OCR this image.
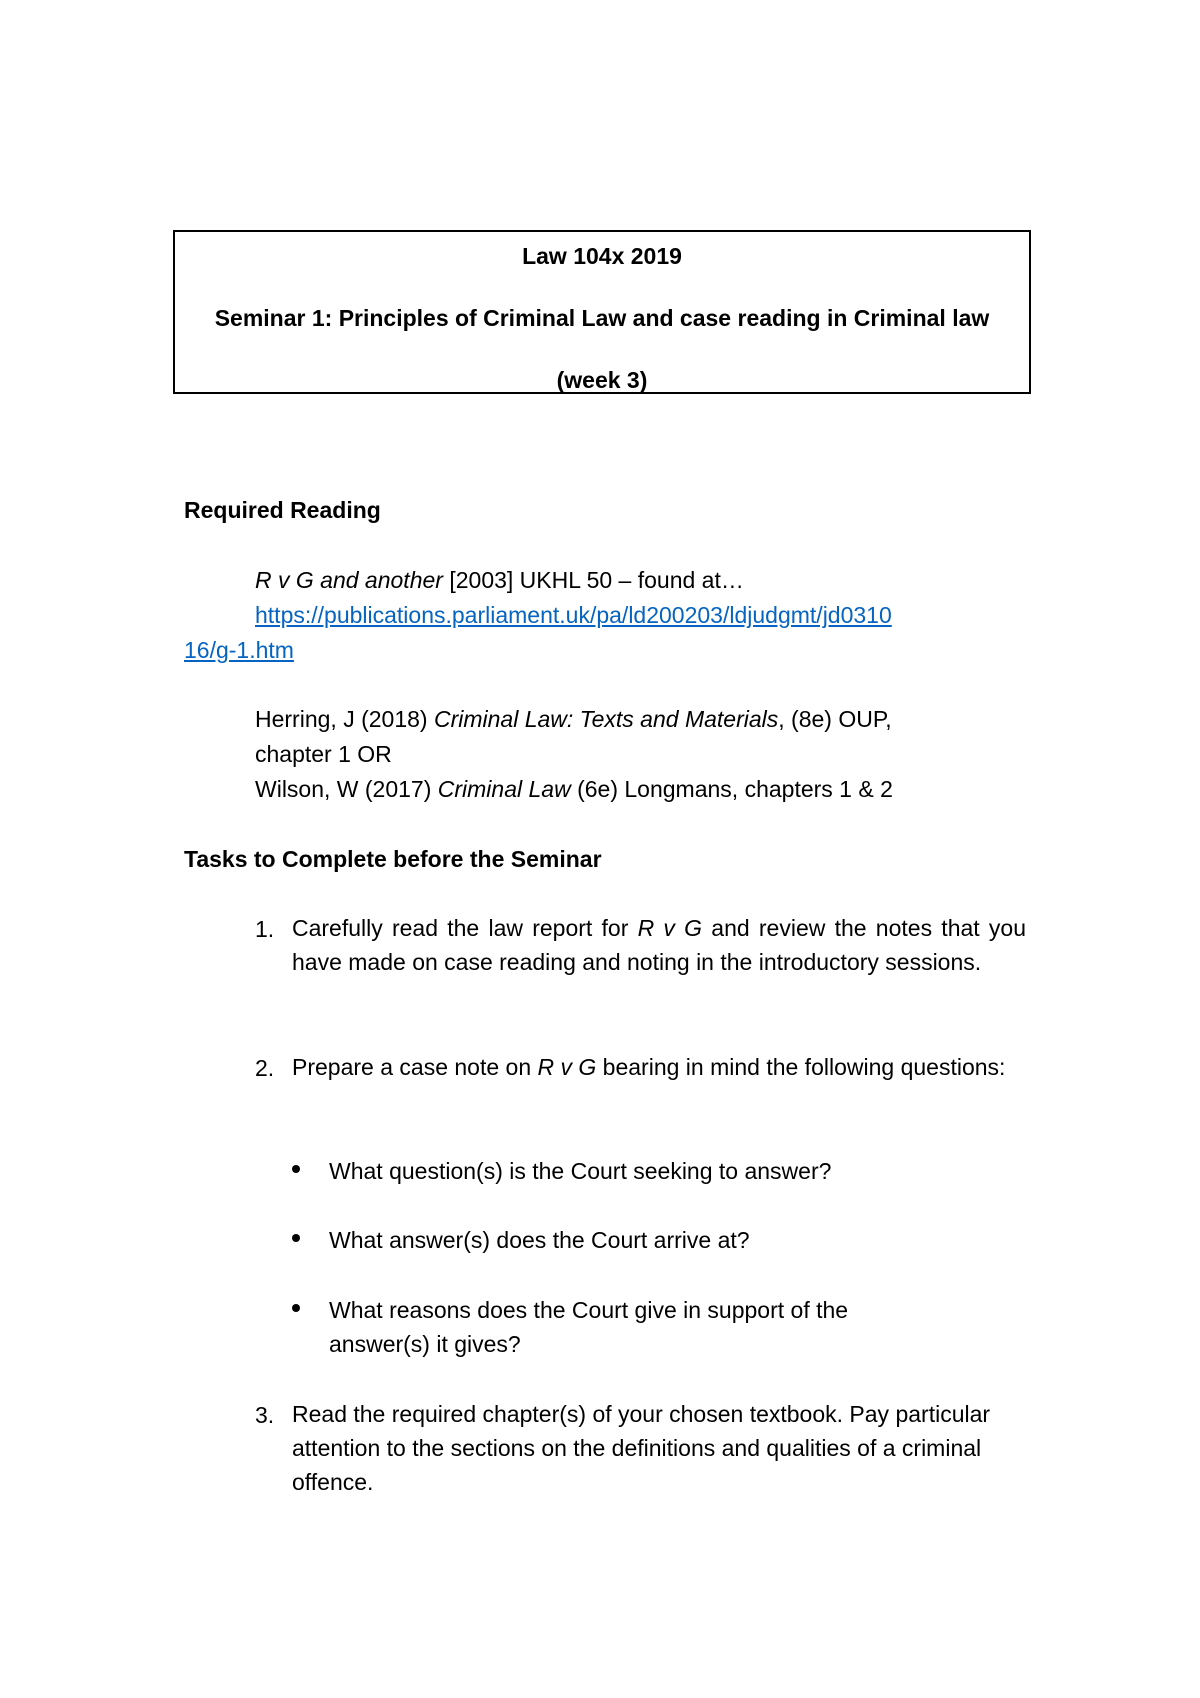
Law 104x 2019
Seminar 1: Principles of Criminal Law and case reading in Criminal law
(week 3)
Required Reading
R v G and another [2003] UKHL 50 – found at…
https://publications.parliament.uk/pa/ld200203/ldjudgmt/jd0310
16/g-1.htm
Herring, J (2018) Criminal Law: Texts and Materials, (8e) OUP,
chapter 1 OR
Wilson, W (2017) Criminal Law (6e) Longmans, chapters 1 & 2
Tasks to Complete before the Seminar
1. Carefully read the law report for R v G and review the notes that you have made on case reading and noting in the introductory sessions.
2. Prepare a case note on R v G bearing in mind the following questions:
What question(s) is the Court seeking to answer?
What answer(s) does the Court arrive at?
What reasons does the Court give in support of the answer(s) it gives?
3. Read the required chapter(s) of your chosen textbook. Pay particular attention to the sections on the definitions and qualities of a criminal offence.
